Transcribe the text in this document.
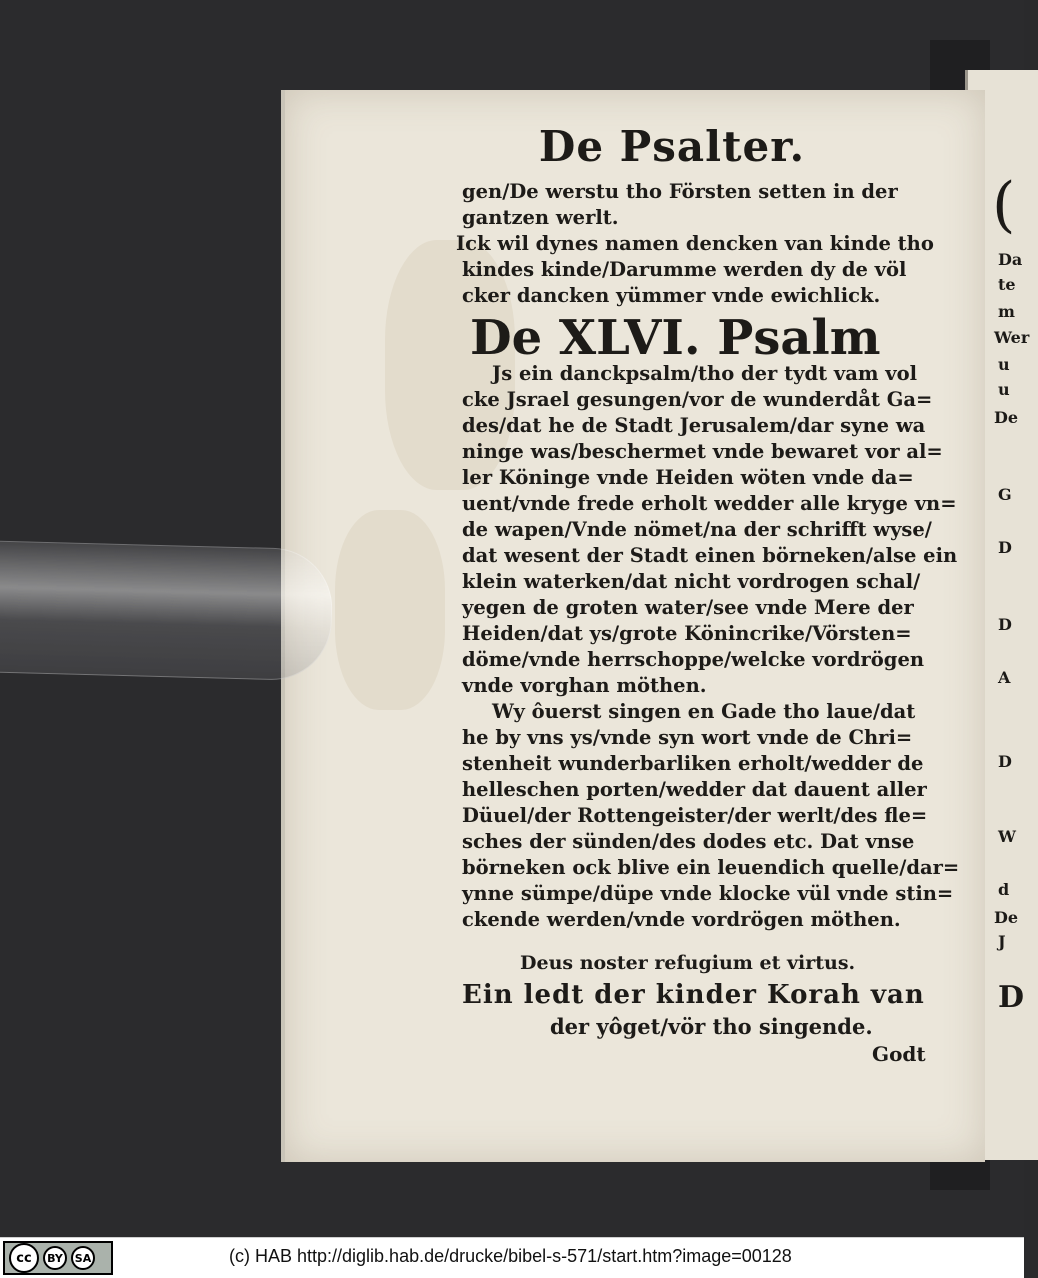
(
Da
te
m
Wer
u
u
De
G
D
D
A
D
W
d
De
J
D
De Psalter.
gen/De werstu tho Försten setten in der
gantzen werlt.
Ick wil dynes namen dencken van kinde tho
kindes kinde/Darumme werden dy de völ
cker dancken yümmer vnde ewichlick.
De XLVI. Psalm
Js ein danckpsalm/tho der tydt vam vol
cke Jsrael gesungen/vor de wunderdåt Ga=
des/dat he de Stadt Jerusalem/dar syne wa
ninge was/beschermet vnde bewaret vor al=
ler Köninge vnde Heiden wöten vnde da=
uent/vnde frede erholt wedder alle kryge vn=
de wapen/Vnde nömet/na der schrifft wyse/
dat wesent der Stadt einen börneken/alse ein
klein waterken/dat nicht vordrogen schal/
yegen de groten water/see vnde Mere der
Heiden/dat ys/grote Könincrike/Vörsten=
döme/vnde herrschoppe/welcke vordrögen
vnde vorghan möthen.
Wy ôuerst singen en Gade tho laue/dat
he by vns ys/vnde syn wort vnde de Chri=
stenheit wunderbarliken erholt/wedder de
helleschen porten/wedder dat dauent aller
Düuel/der Rottengeister/der werlt/des fle=
sches der sünden/des dodes etc. Dat vnse
börneken ock blive ein leuendich quelle/dar=
ynne sümpe/düpe vnde klocke vül vnde stin=
ckende werden/vnde vordrögen möthen.
Deus noster refugium et virtus.
Ein ledt der kinder Korah van
der yôget/vör tho singende.
Godt
cc	BY	SA	(c) HAB http://diglib.hab.de/drucke/bibel-s-571/start.htm?image=00128
